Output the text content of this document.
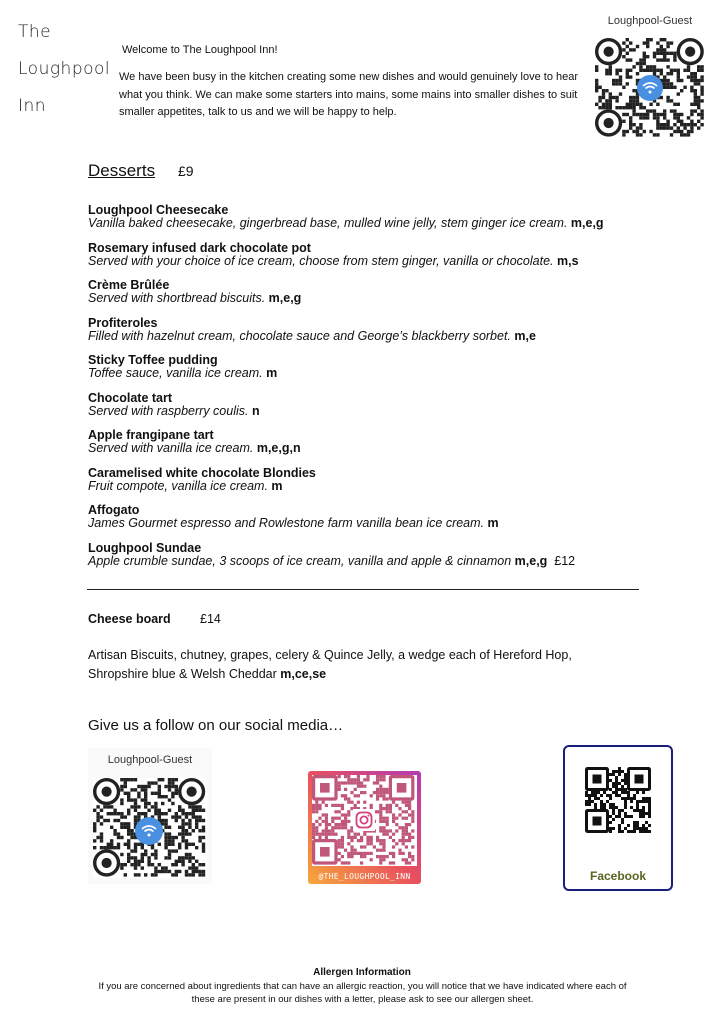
The
Loughpool
Inn
Welcome to The Loughpool Inn!
We have been busy in the kitchen creating some new dishes and would genuinely love to hear what you think. We can make some starters into mains, some mains into smaller dishes to suit smaller appetites, talk to us and we will be happy to help.
Loughpool-Guest
Desserts £9
Loughpool Cheesecake
Vanilla baked cheesecake, gingerbread base, mulled wine jelly, stem ginger ice cream. m,e,g
Rosemary infused dark chocolate pot
Served with your choice of ice cream, choose from stem ginger, vanilla or chocolate. m,s
Crème Brûlée
Served with shortbread biscuits. m,e,g
Profiteroles
Filled with hazelnut cream, chocolate sauce and George’s blackberry sorbet. m,e
Sticky Toffee pudding
Toffee sauce, vanilla ice cream. m
Chocolate tart
Served with raspberry coulis. n
Apple frangipane tart
Served with vanilla ice cream. m,e,g,n
Caramelised white chocolate Blondies
Fruit compote, vanilla ice cream. m
Affogato
James Gourmet espresso and Rowlestone farm vanilla bean ice cream. m
Loughpool Sundae
Apple crumble sundae, 3 scoops of ice cream, vanilla and apple & cinnamon m,e,g £12
Cheese board £14
Artisan Biscuits, chutney, grapes, celery & Quince Jelly, a wedge each of Hereford Hop, Shropshire blue & Welsh Cheddar m,ce,se
Give us a follow on our social media…
Loughpool-Guest
@THE_LOUGHPOOL_INN	Facebook
Allergen Information
If you are concerned about ingredients that can have an allergic reaction, you will notice that we have indicated where each of these are present in our dishes with a letter, please ask to see our allergen sheet.
